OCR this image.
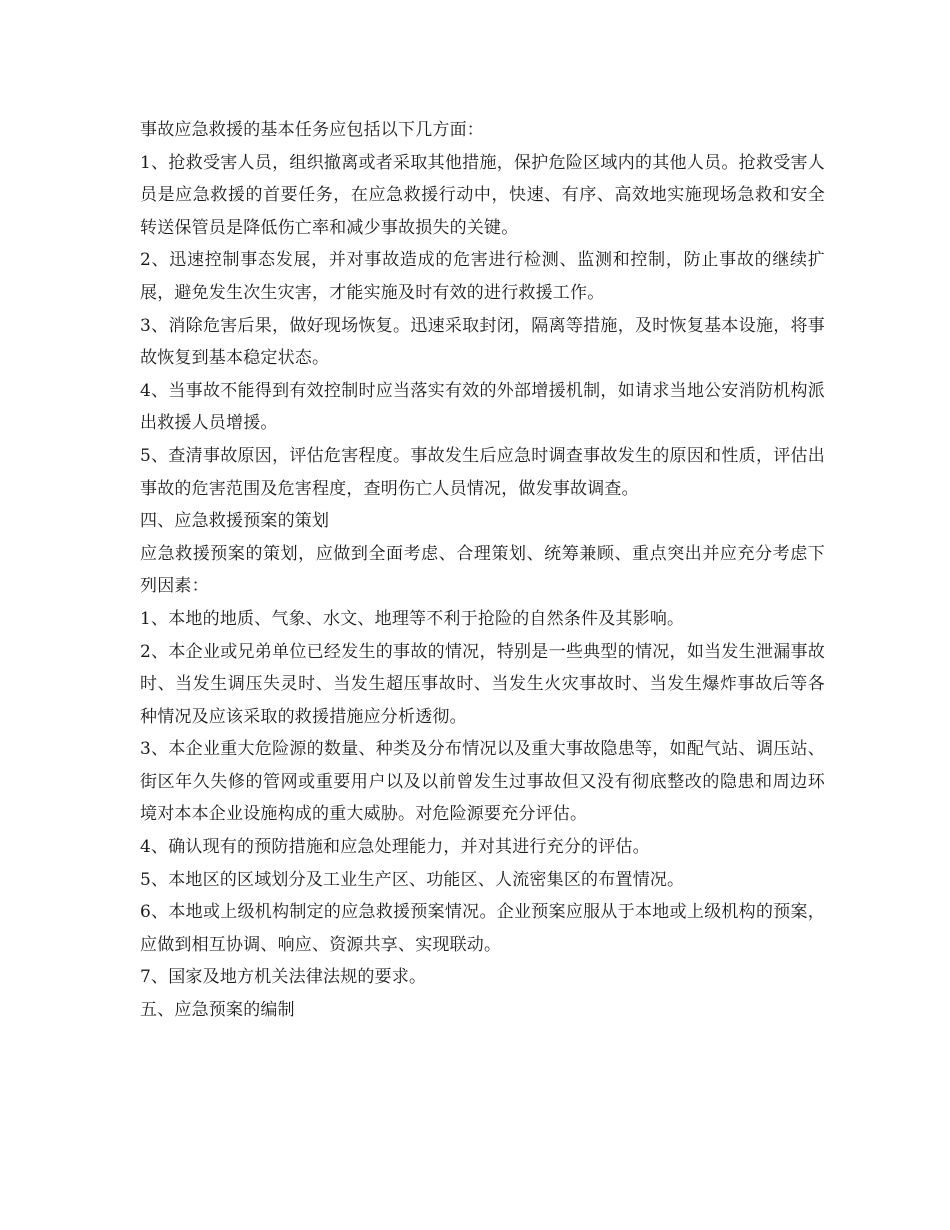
事故应急救援的基本任务应包括以下几方面：

1、抢救受害人员，组织撤离或者采取其他措施，保护危险区域内的其他人员。抢救受害人员是应急救援的首要任务，在应急救援行动中，快速、有序、高效地实施现场急救和安全转送保管员是降低伤亡率和减少事故损失的关键。

2、迅速控制事态发展，并对事故造成的危害进行检测、监测和控制，防止事故的继续扩展，避免发生次生灾害，才能实施及时有效的进行救援工作。

3、消除危害后果，做好现场恢复。迅速采取封闭，隔离等措施，及时恢复基本设施，将事故恢复到基本稳定状态。

4、当事故不能得到有效控制时应当落实有效的外部增援机制，如请求当地公安消防机构派出救援人员增援。

5、查清事故原因，评估危害程度。事故发生后应急时调查事故发生的原因和性质，评估出事故的危害范围及危害程度，查明伤亡人员情况，做发事故调查。

四、应急救援预案的策划

应急救援预案的策划，应做到全面考虑、合理策划、统筹兼顾、重点突出并应充分考虑下列因素：

1、本地的地质、气象、水文、地理等不利于抢险的自然条件及其影响。

2、本企业或兄弟单位已经发生的事故的情况，特别是一些典型的情况，如当发生泄漏事故时、当发生调压失灵时、当发生超压事故时、当发生火灾事故时、当发生爆炸事故后等各种情况及应该采取的救援措施应分析透彻。

3、本企业重大危险源的数量、种类及分布情况以及重大事故隐患等，如配气站、调压站、街区年久失修的管网或重要用户以及以前曾发生过事故但又没有彻底整改的隐患和周边环境对本本企业设施构成的重大威胁。对危险源要充分评估。

4、确认现有的预防措施和应急处理能力，并对其进行充分的评估。

5、本地区的区域划分及工业生产区、功能区、人流密集区的布置情况。

6、本地或上级机构制定的应急救援预案情况。企业预案应服从于本地或上级机构的预案，应做到相互协调、响应、资源共享、实现联动。

7、国家及地方机关法律法规的要求。

五、应急预案的编制
